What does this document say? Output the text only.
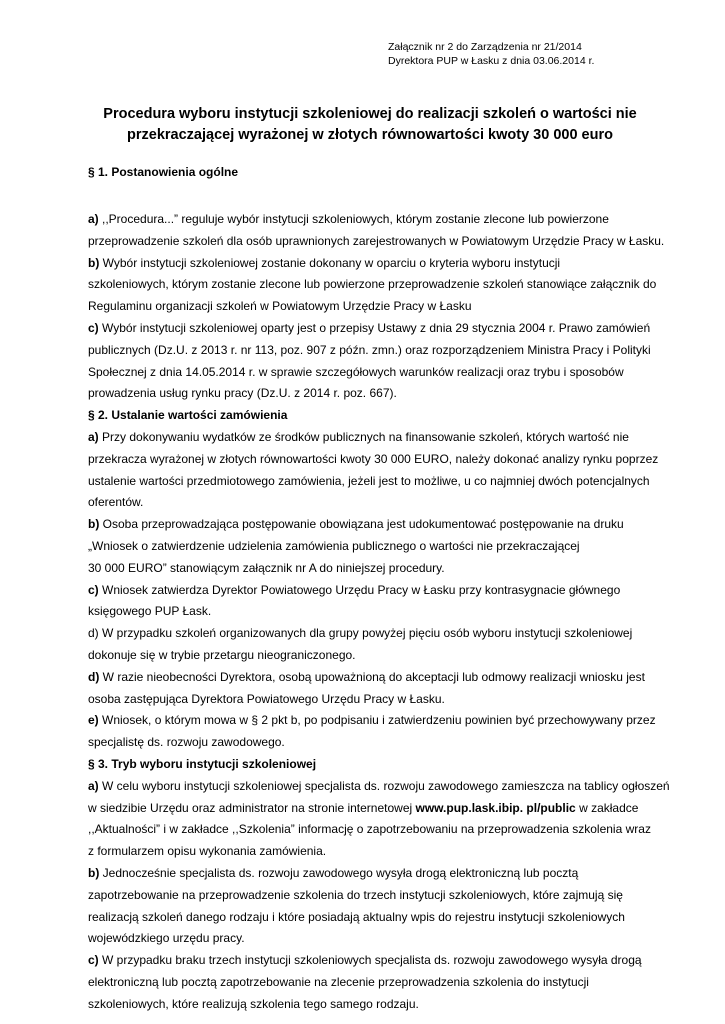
Załącznik nr 2 do Zarządzenia nr 21/2014
Dyrektora PUP w Łasku z dnia 03.06.2014 r.
Procedura wyboru instytucji szkoleniowej do realizacji szkoleń o wartości nie
przekraczającej wyrażonej w złotych równowartości kwoty 30 000 euro
§ 1. Postanowienia ogólne
a) ,,Procedura...” reguluje wybór instytucji szkoleniowych, którym zostanie zlecone lub powierzone
przeprowadzenie szkoleń dla osób uprawnionych zarejestrowanych w Powiatowym Urzędzie Pracy w Łasku.
b) Wybór instytucji szkoleniowej zostanie dokonany w oparciu o kryteria wyboru instytucji
szkoleniowych, którym zostanie zlecone lub powierzone przeprowadzenie szkoleń stanowiące załącznik do
Regulaminu organizacji szkoleń w Powiatowym Urzędzie Pracy w Łasku
c) Wybór instytucji szkoleniowej oparty jest o przepisy Ustawy z dnia 29 stycznia 2004 r. Prawo zamówień
publicznych (Dz.U. z 2013 r. nr 113, poz. 907 z późn. zmn.) oraz rozporządzeniem Ministra Pracy i Polityki
Społecznej z dnia 14.05.2014 r. w sprawie szczegółowych warunków realizacji oraz trybu i sposobów
prowadzenia usług rynku pracy (Dz.U. z 2014 r. poz. 667).
§ 2. Ustalanie wartości zamówienia
a) Przy dokonywaniu wydatków ze środków publicznych na finansowanie szkoleń, których wartość nie
przekracza wyrażonej w złotych równowartości kwoty 30 000 EURO, należy dokonać analizy rynku poprzez
ustalenie wartości przedmiotowego zamówienia, jeżeli jest to możliwe, u co najmniej dwóch potencjalnych
oferentów.
b) Osoba przeprowadzająca postępowanie obowiązana jest udokumentować postępowanie na druku
„Wniosek o zatwierdzenie udzielenia zamówienia publicznego o wartości nie przekraczającej
30 000 EURO” stanowiącym załącznik nr A do niniejszej procedury.
c) Wniosek zatwierdza Dyrektor Powiatowego Urzędu Pracy w Łasku przy kontrasygnacie głównego
księgowego PUP Łask.
d) W przypadku szkoleń organizowanych dla grupy powyżej pięciu osób wyboru instytucji szkoleniowej
dokonuje się w trybie przetargu nieograniczonego.
d) W razie nieobecności Dyrektora, osobą upoważnioną do akceptacji lub odmowy realizacji wniosku jest
osoba zastępująca Dyrektora Powiatowego Urzędu Pracy w Łasku.
e) Wniosek, o którym mowa w § 2 pkt b, po podpisaniu i zatwierdzeniu powinien być przechowywany przez
specjalistę ds. rozwoju zawodowego.
§ 3. Tryb wyboru instytucji szkoleniowej
a) W celu wyboru instytucji szkoleniowej specjalista ds. rozwoju zawodowego zamieszcza na tablicy ogłoszeń
w siedzibie Urzędu oraz administrator na stronie internetowej www.pup.lask.ibip. pl/public w zakładce
,,Aktualności” i w zakładce ,,Szkolenia” informację o zapotrzebowaniu na przeprowadzenia szkolenia wraz
z formularzem opisu wykonania zamówienia.
b) Jednocześnie specjalista ds. rozwoju zawodowego wysyła drogą elektroniczną lub pocztą
zapotrzebowanie na przeprowadzenie szkolenia do trzech instytucji szkoleniowych, które zajmują się
realizacją szkoleń danego rodzaju i które posiadają aktualny wpis do rejestru instytucji szkoleniowych
wojewódzkiego urzędu pracy.
c) W przypadku braku trzech instytucji szkoleniowych specjalista ds. rozwoju zawodowego wysyła drogą
elektroniczną lub pocztą zapotrzebowanie na zlecenie przeprowadzenia szkolenia do instytucji
szkoleniowych, które realizują szkolenia tego samego rodzaju.
